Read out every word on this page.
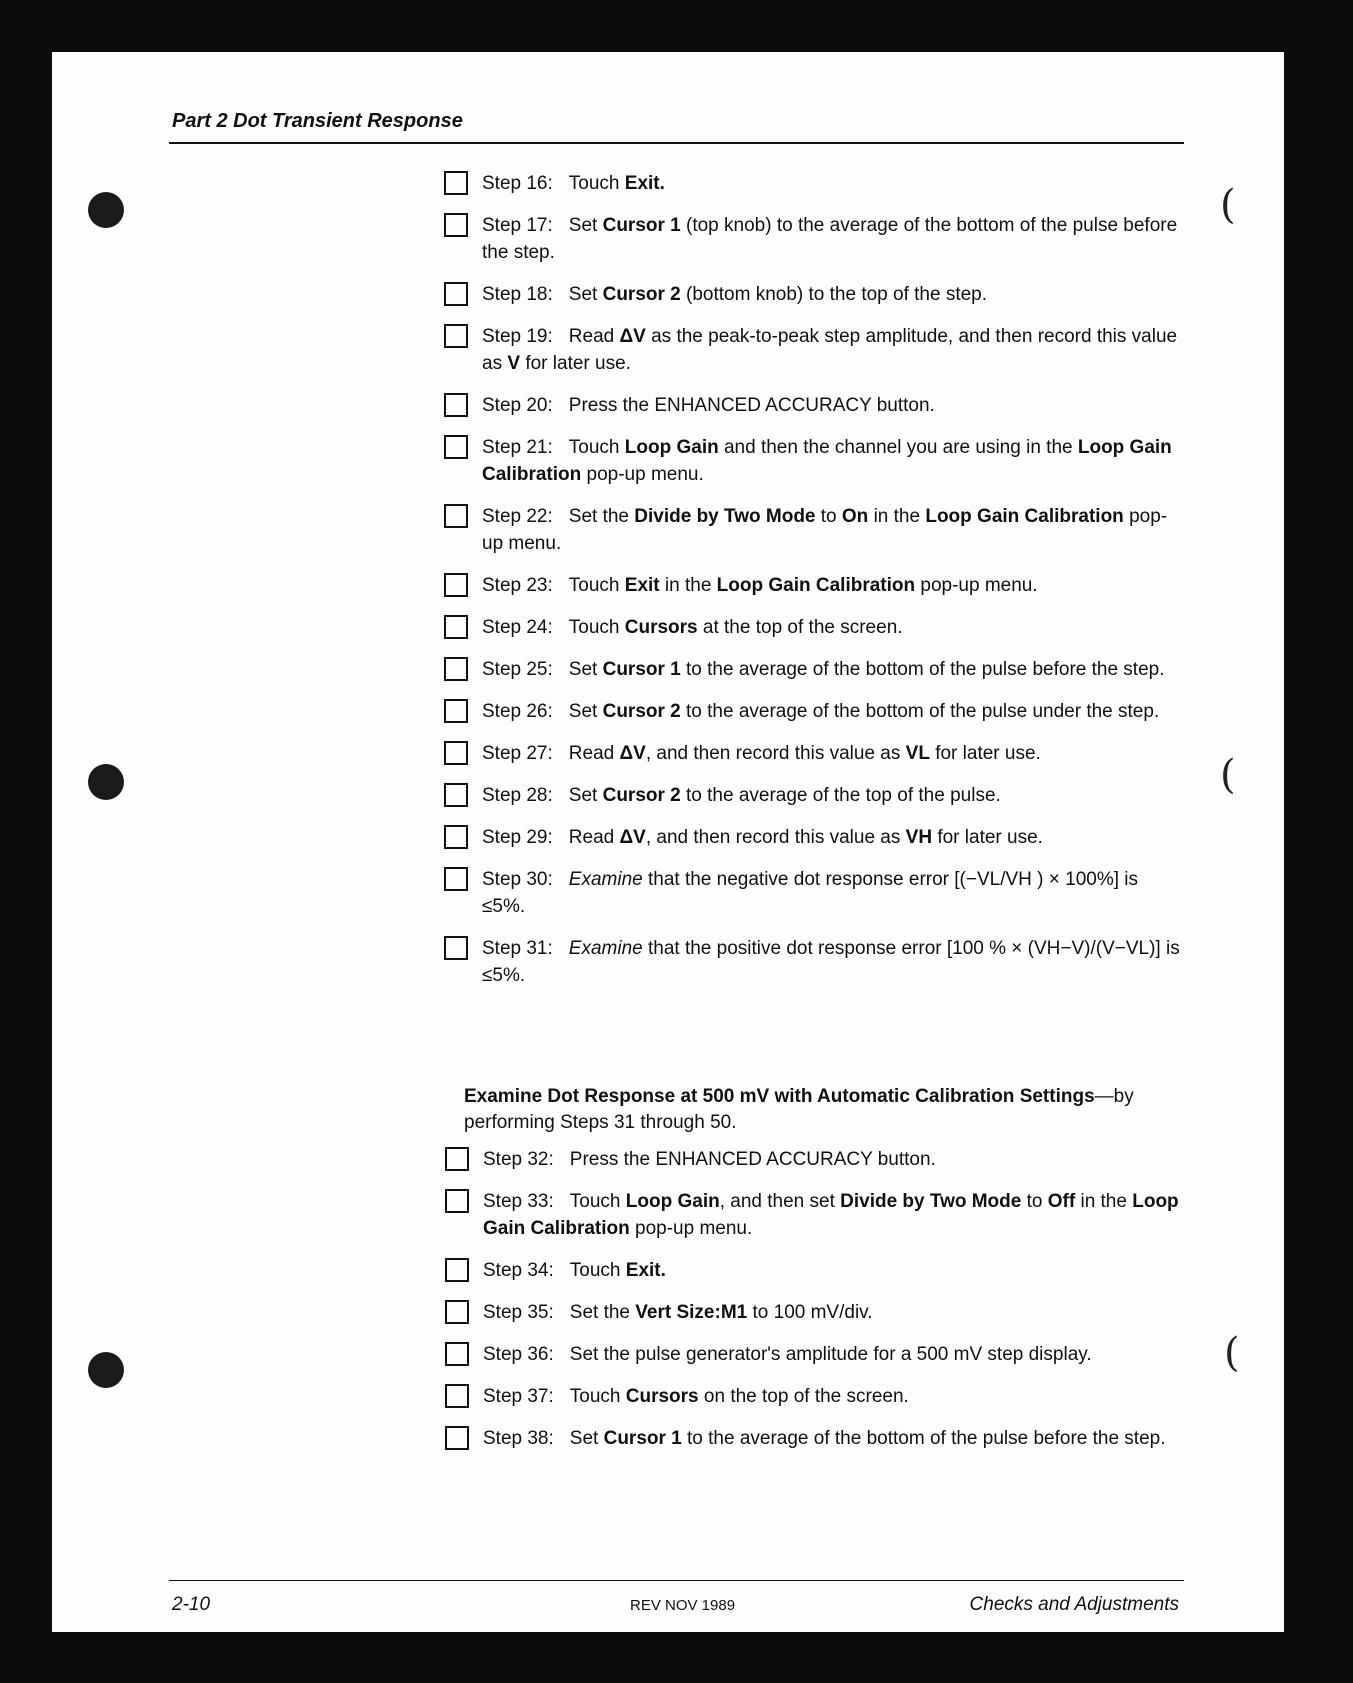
Part 2 Dot Transient Response
Step 16: Touch Exit.
Step 17: Set Cursor 1 (top knob) to the average of the bottom of the pulse before the step.
Step 18: Set Cursor 2 (bottom knob) to the top of the step.
Step 19: Read ΔV as the peak-to-peak step amplitude, and then record this value as V for later use.
Step 20: Press the ENHANCED ACCURACY button.
Step 21: Touch Loop Gain and then the channel you are using in the Loop Gain Calibration pop-up menu.
Step 22: Set the Divide by Two Mode to On in the Loop Gain Calibration pop-up menu.
Step 23: Touch Exit in the Loop Gain Calibration pop-up menu.
Step 24: Touch Cursors at the top of the screen.
Step 25: Set Cursor 1 to the average of the bottom of the pulse before the step.
Step 26: Set Cursor 2 to the average of the bottom of the pulse under the step.
Step 27: Read ΔV, and then record this value as VL for later use.
Step 28: Set Cursor 2 to the average of the top of the pulse.
Step 29: Read ΔV, and then record this value as VH for later use.
Step 30: Examine that the negative dot response error [(−VL/VH ) × 100%] is ≤5%.
Step 31: Examine that the positive dot response error [100 % × (VH−V)/(V−VL)] is ≤5%.
Examine Dot Response at 500 mV with Automatic Calibration Settings—by performing Steps 31 through 50.
Step 32: Press the ENHANCED ACCURACY button.
Step 33: Touch Loop Gain, and then set Divide by Two Mode to Off in the Loop Gain Calibration pop-up menu.
Step 34: Touch Exit.
Step 35: Set the Vert Size:M1 to 100 mV/div.
Step 36: Set the pulse generator's amplitude for a 500 mV step display.
Step 37: Touch Cursors on the top of the screen.
Step 38: Set Cursor 1 to the average of the bottom of the pulse before the step.
2-10	REV NOV 1989	Checks and Adjustments
(
(
(
